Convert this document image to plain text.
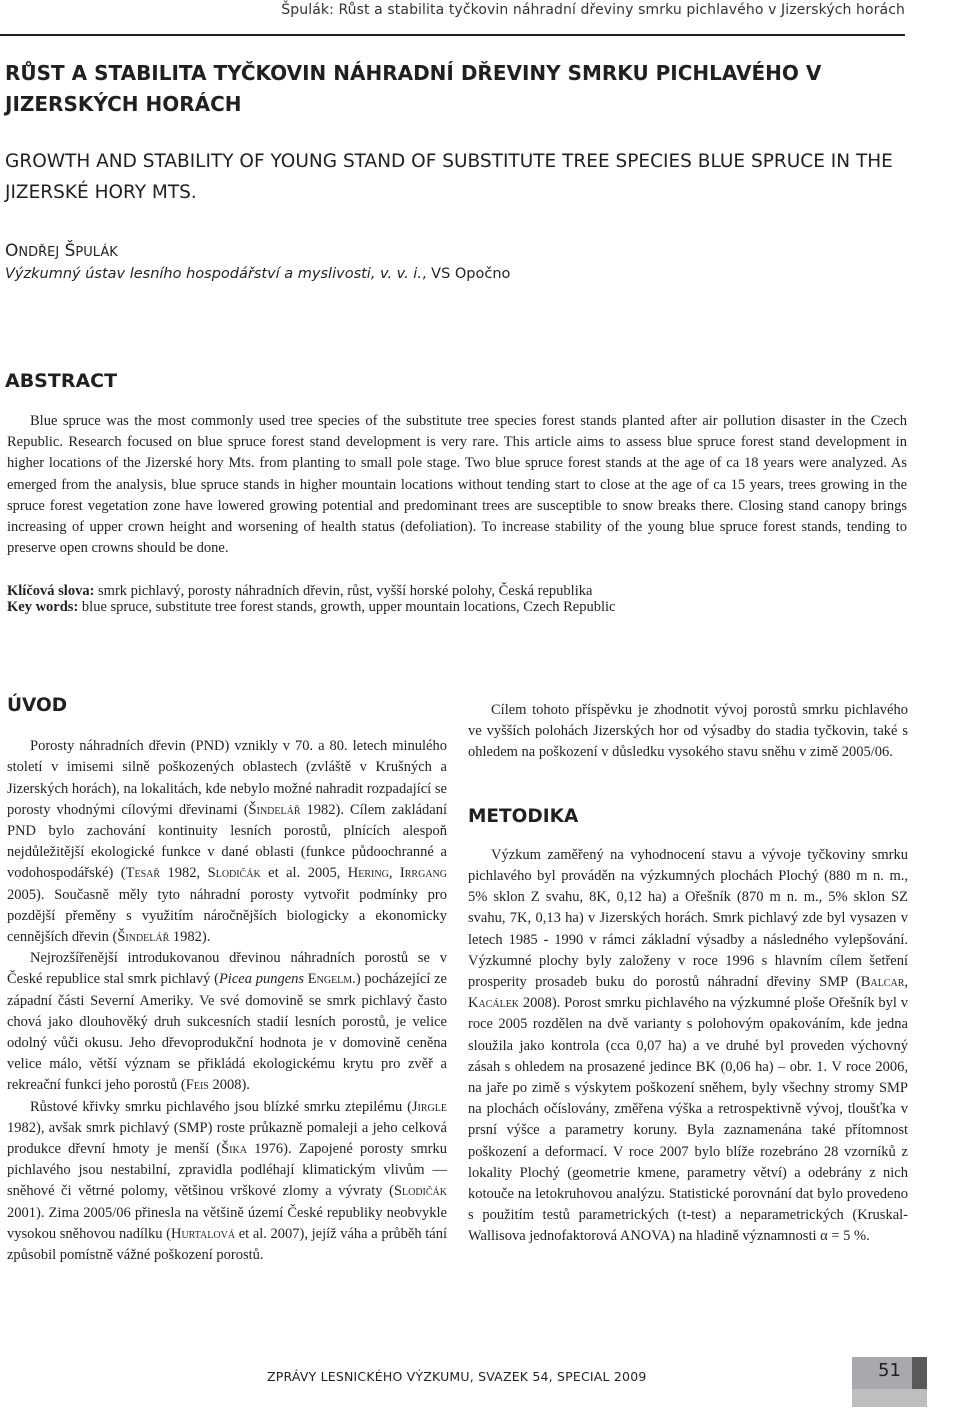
Špulák: Růst a stabilita tyčkovin náhradní dřeviny smrku pichlavého v Jizerských horách
RŮST A STABILITA TYČKOVIN NÁHRADNÍ DŘEVINY SMRKU PICHLAVÉHO V JIZERSKÝCH HORÁCH
GROWTH AND STABILITY OF YOUNG STAND OF SUBSTITUTE TREE SPECIES BLUE SPRUCE IN THE JIZERSKÉ HORY MTS.
ONDŘEJ ŠPULÁK
Výzkumný ústav lesního hospodářství a myslivosti, v. v. i., VS Opočno
ABSTRACT

Blue spruce was the most commonly used tree species of the substitute tree species forest stands planted after air pollution disaster in the Czech Republic. Research focused on blue spruce forest stand development is very rare. This article aims to assess blue spruce forest stand development in higher locations of the Jizerské hory Mts. from planting to small pole stage. Two blue spruce forest stands at the age of ca 18 years were analyzed. As emerged from the analysis, blue spruce stands in higher mountain locations without tending start to close at the age of ca 15 years, trees growing in the spruce forest vegetation zone have lowered growing potential and predominant trees are susceptible to snow breaks there. Closing stand canopy brings increasing of upper crown height and worsening of health status (defoliation). To increase stability of the young blue spruce forest stands, tending to preserve open crowns should be done.

Klíčová slova: smrk pichlavý, porosty náhradních dřevin, růst, vyšší horské polohy, Česká republika

Key words: blue spruce, substitute tree forest stands, growth, upper mountain locations, Czech Republic

ÚVOD

Porosty náhradních dřevin (PND) vznikly v 70. a 80. letech minulého století v imisemi silně poškozených oblastech (zvláště v Krušných a Jizerských horách), na lokalitách, kde nebylo možné nahradit rozpadající se porosty vhodnými cílovými dřevinami (Šindelář 1982). Cílem zakládaní PND bylo zachování kontinuity lesních porostů, plnících alespoň nejdůležitější ekologické funkce v dané oblasti (funkce půdoochranné a vodohospodářské) (Tesař 1982, Slodičák et al. 2005, Hering, Irrgang 2005). Současně měly tyto náhradní porosty vytvořit podmínky pro pozdější přeměny s využitím náročnějších biologicky a ekonomicky cennějších dřevin (Šindelář 1982).

Nejrozšířenější introdukovanou dřevinou náhradních porostů se v České republice stal smrk pichlavý (Picea pungens Engelm.) pocházející ze západní části Severní Ameriky. Ve své domovině se smrk pichlavý často chová jako dlouhověký druh sukcesních stadií lesních porostů, je velice odolný vůči okusu. Jeho dřevoprodukční hodnota je v domovině ceněna velice málo, větší význam se přikládá ekologickému krytu pro zvěř a rekreační funkci jeho porostů (Feis 2008).

Růstové křivky smrku pichlavého jsou blízké smrku ztepilému (Jirgle 1982), avšak smrk pichlavý (SMP) roste průkazně pomaleji a jeho celková produkce dřevní hmoty je menší (Šika 1976). Zapojené porosty smrku pichlavého jsou nestabilní, zpravidla podléhají klimatickým vlivům — sněhové či větrné polomy, většinou vrškové zlomy a vývraty (Slodičák 2001). Zima 2005/06 přinesla na většině území České republiky neobvykle vysokou sněhovou nadílku (Hurtalová et al. 2007), jejíž váha a průběh tání způsobil pomístně vážné poškození porostů.

Cílem tohoto příspěvku je zhodnotit vývoj porostů smrku pichlavého ve vyšších polohách Jizerských hor od výsadby do stadia tyčkovin, také s ohledem na poškození v důsledku vysokého stavu sněhu v zimě 2005/06.

METODIKA

Výzkum zaměřený na vyhodnocení stavu a vývoje tyčkoviny smrku pichlavého byl prováděn na výzkumných plochách Plochý (880 m n. m., 5% sklon Z svahu, 8K, 0,12 ha) a Ořešník (870 m n. m., 5% sklon SZ svahu, 7K, 0,13 ha) v Jizerských horách. Smrk pichlavý zde byl vysazen v letech 1985 - 1990 v rámci základní výsadby a následného vylepšování. Výzkumné plochy byly založeny v roce 1996 s hlavním cílem šetření prosperity prosadeb buku do porostů náhradní dřeviny SMP (Balcar, Kacálek 2008). Porost smrku pichlavého na výzkumné ploše Ořešník byl v roce 2005 rozdělen na dvě varianty s polohovým opakováním, kde jedna sloužila jako kontrola (cca 0,07 ha) a ve druhé byl proveden výchovný zásah s ohledem na prosazené jedince BK (0,06 ha) – obr. 1. V roce 2006, na jaře po zimě s výskytem poškození sněhem, byly všechny stromy SMP na plochách očíslovány, změřena výška a retrospektivně vývoj, tloušťka v prsní výšce a parametry koruny. Byla zaznamenána také přítomnost poškození a deformací. V roce 2007 bylo blíže rozebráno 28 vzorníků z lokality Plochý (geometrie kmene, parametry větví) a odebrány z nich kotouče na letokruhovou analýzu. Statistické porovnání dat bylo provedeno s použitím testů parametrických (t-test) a neparametrických (Kruskal-Wallisova jednofaktorová ANOVA) na hladině významnosti α = 5 %.

ZPRÁVY LESNICKÉHO VÝZKUMU, SVAZEK 54, SPECIAL 2009	51
